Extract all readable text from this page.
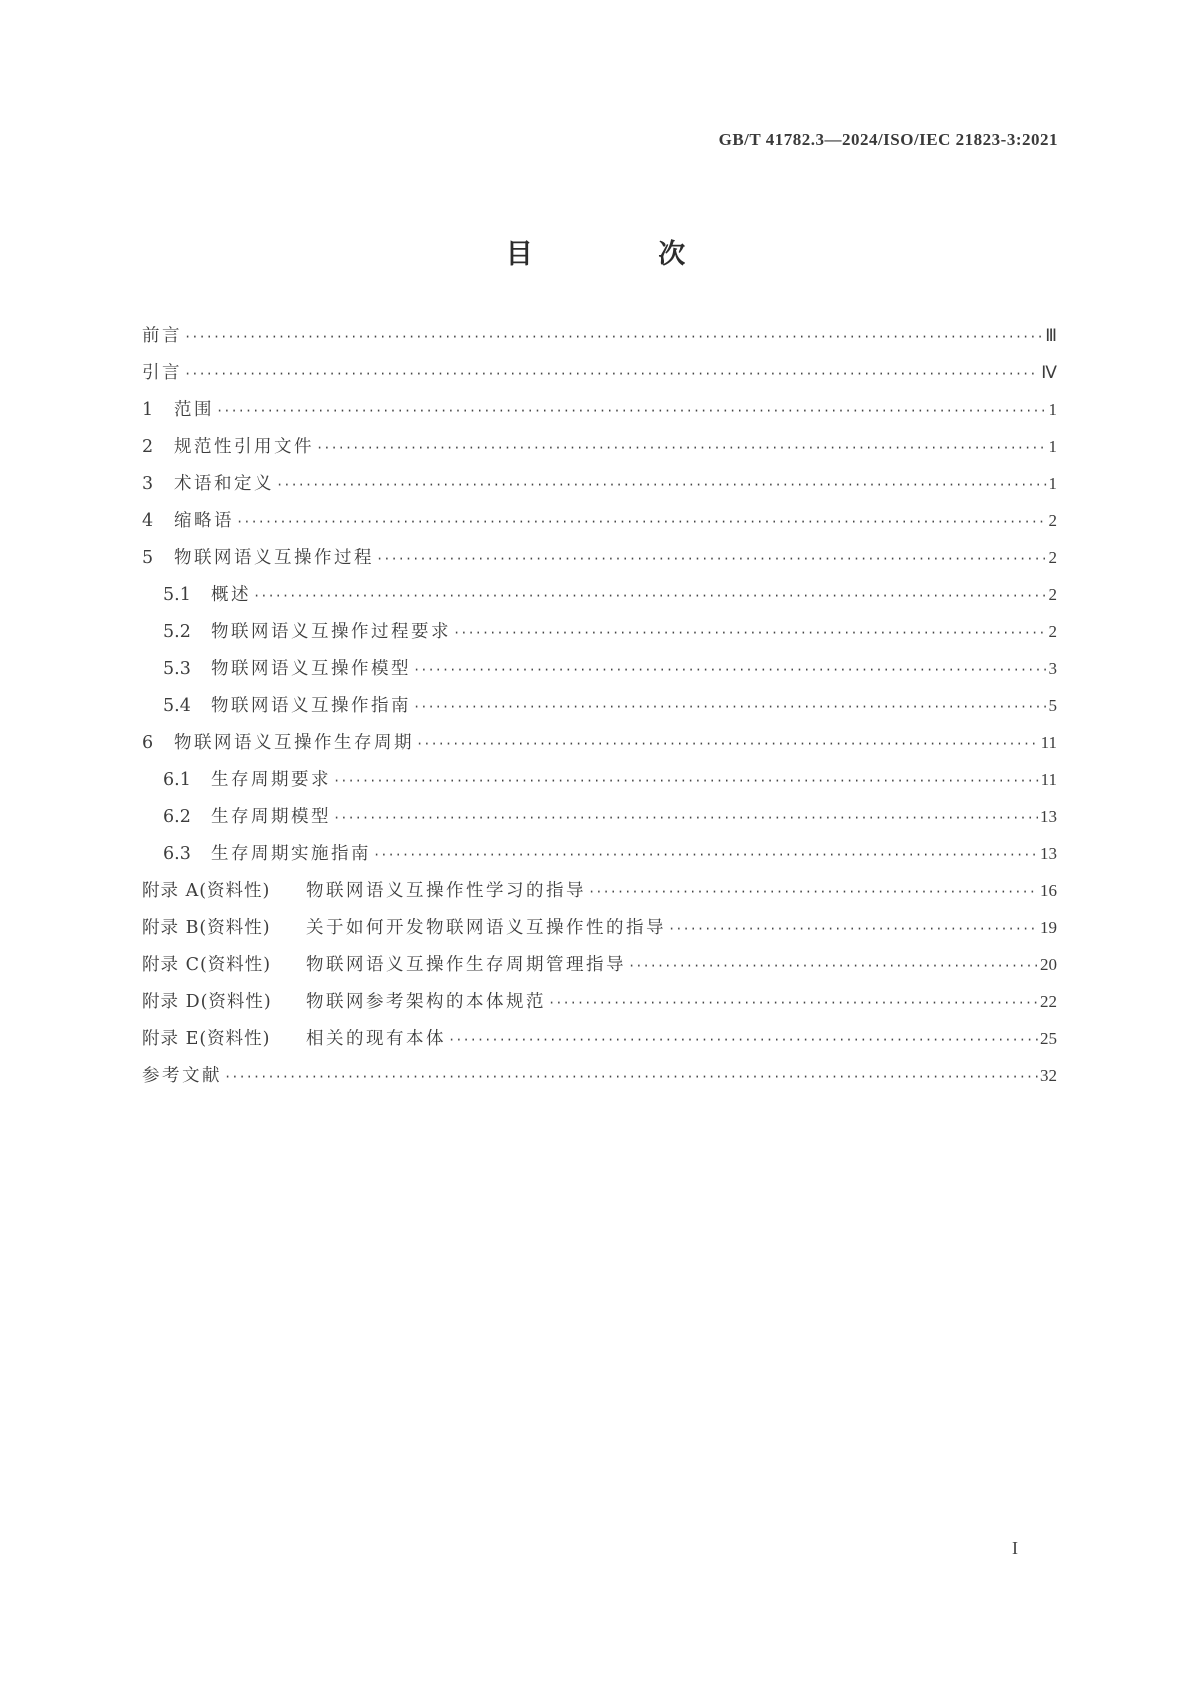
GB/T 41782.3—2024/ISO/IEC 21823-3:2021
目 次
前言 ·····	Ⅲ
引言 ·····	Ⅳ
1	范围 ·····	1
2	规范性引用文件 ·····	1
3	术语和定义 ·····	1
4	缩略语 ·····	2
5	物联网语义互操作过程 ·····	2
5.1	概述 ·····	2
5.2	物联网语义互操作过程要求 ·····	2
5.3	物联网语义互操作模型 ·····	3
5.4	物联网语义互操作指南 ·····	5
6	物联网语义互操作生存周期 ·····	11
6.1	生存周期要求 ·····	11
6.2	生存周期模型 ·····	13
6.3	生存周期实施指南 ·····	13
附录 A(资料性)	物联网语义互操作性学习的指导 ·····	16
附录 B(资料性)	关于如何开发物联网语义互操作性的指导 ·····	19
附录 C(资料性)	物联网语义互操作生存周期管理指导 ·····	20
附录 D(资料性)	物联网参考架构的本体规范 ·····	22
附录 E(资料性)	相关的现有本体 ·····	25
参考文献 ·····	32
I
